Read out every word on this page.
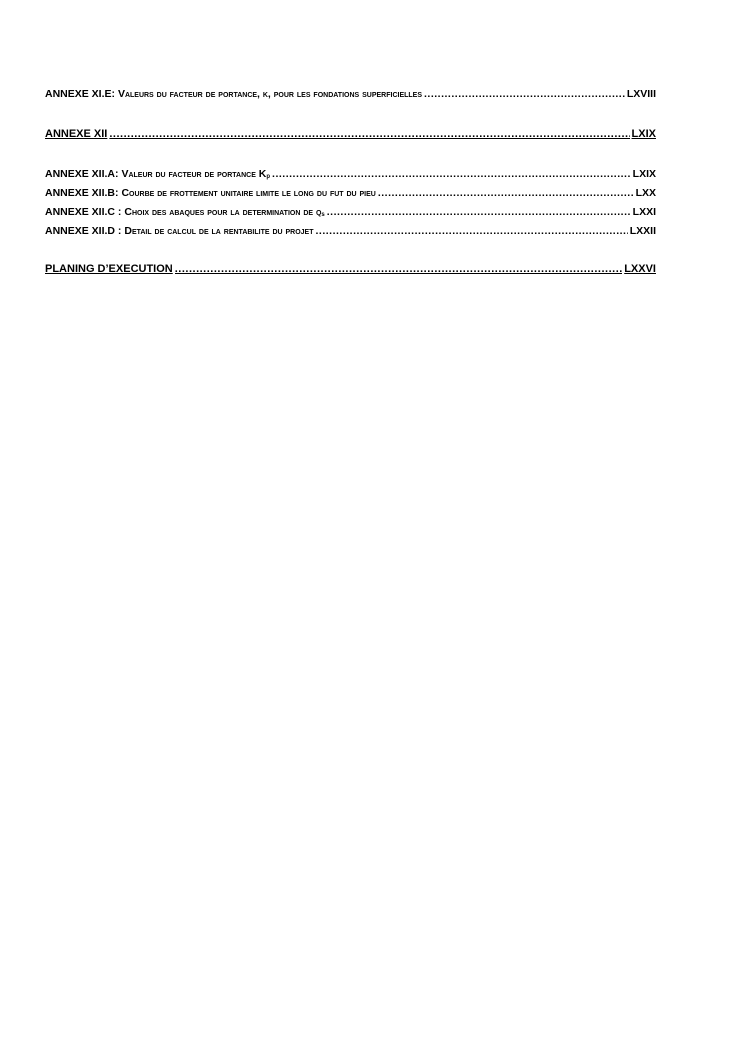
ANNEXE XI.E: Valeurs du facteur de portance, k, pour les fondations superficielles .....	LXVIII
ANNEXE XII .....	LXIX
ANNEXE XII.A: Valeur du facteur de portance Kp .....	LXIX
ANNEXE XII.B: Courbe de frottement unitaire limite le long du fut du pieu .....	LXX
ANNEXE XII.C : Choix des abaques pour la determination de qs .....	LXXI
ANNEXE XII.D : Detail de calcul de la rentabilite du projet .....	LXXII
PLANING D’EXECUTION .....	LXXVI
